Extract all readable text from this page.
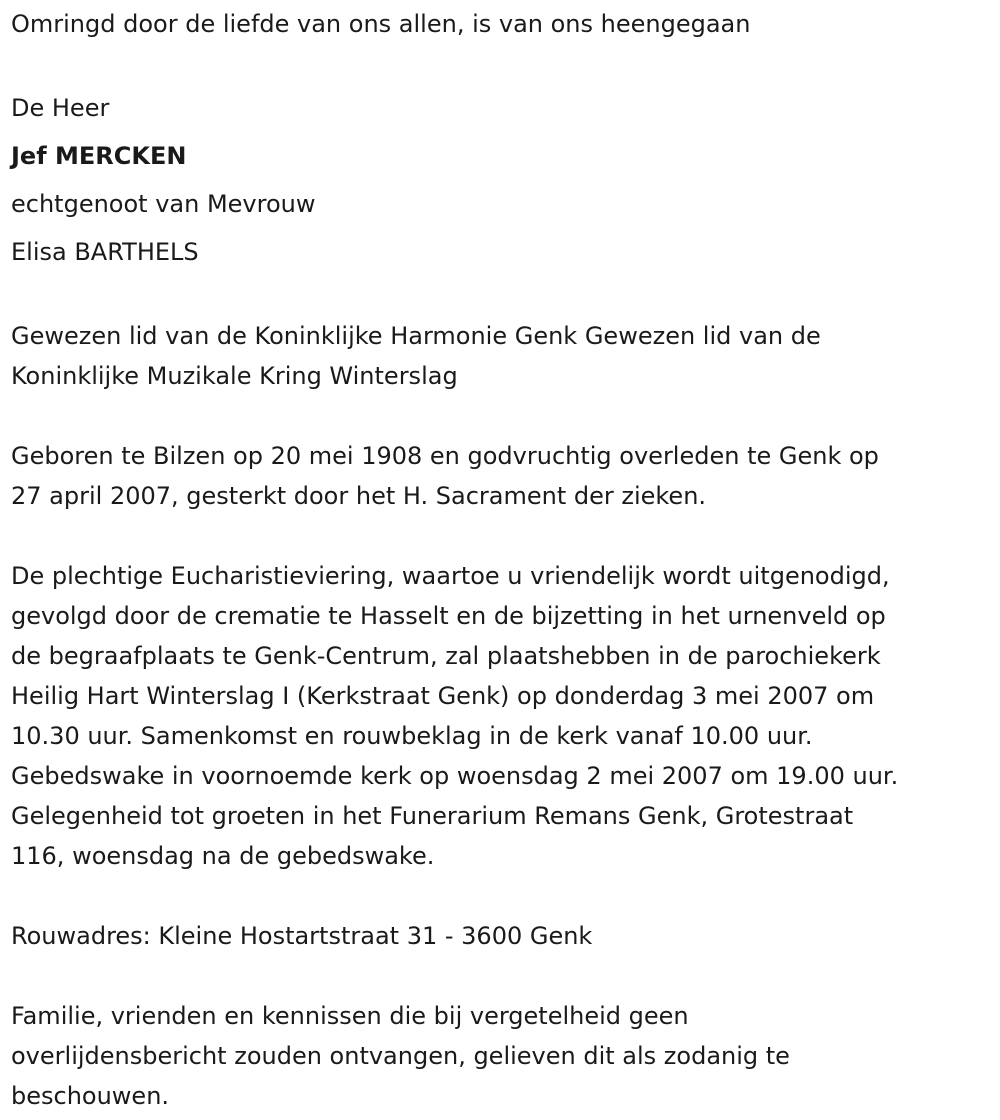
Omringd door de liefde van ons allen, is van ons heengegaan
De Heer
Jef MERCKEN
echtgenoot van Mevrouw
Elisa BARTHELS
Gewezen lid van de Koninklijke Harmonie Genk Gewezen lid van de
Koninklijke Muzikale Kring Winterslag
Geboren te Bilzen op 20 mei 1908 en godvruchtig overleden te Genk op
27 april 2007, gesterkt door het H. Sacrament der zieken.
De plechtige Eucharistieviering, waartoe u vriendelijk wordt uitgenodigd,
gevolgd door de crematie te Hasselt en de bijzetting in het urnenveld op
de begraafplaats te Genk-Centrum, zal plaatshebben in de parochiekerk
Heilig Hart Winterslag I (Kerkstraat Genk) op donderdag 3 mei 2007 om
10.30 uur. Samenkomst en rouwbeklag in de kerk vanaf 10.00 uur.
Gebedswake in voornoemde kerk op woensdag 2 mei 2007 om 19.00 uur.
Gelegenheid tot groeten in het Funerarium Remans Genk, Grotestraat
116, woensdag na de gebedswake.
Rouwadres: Kleine Hostartstraat 31 - 3600 Genk
Familie, vrienden en kennissen die bij vergetelheid geen
overlijdensbericht zouden ontvangen, gelieven dit als zodanig te
beschouwen.
